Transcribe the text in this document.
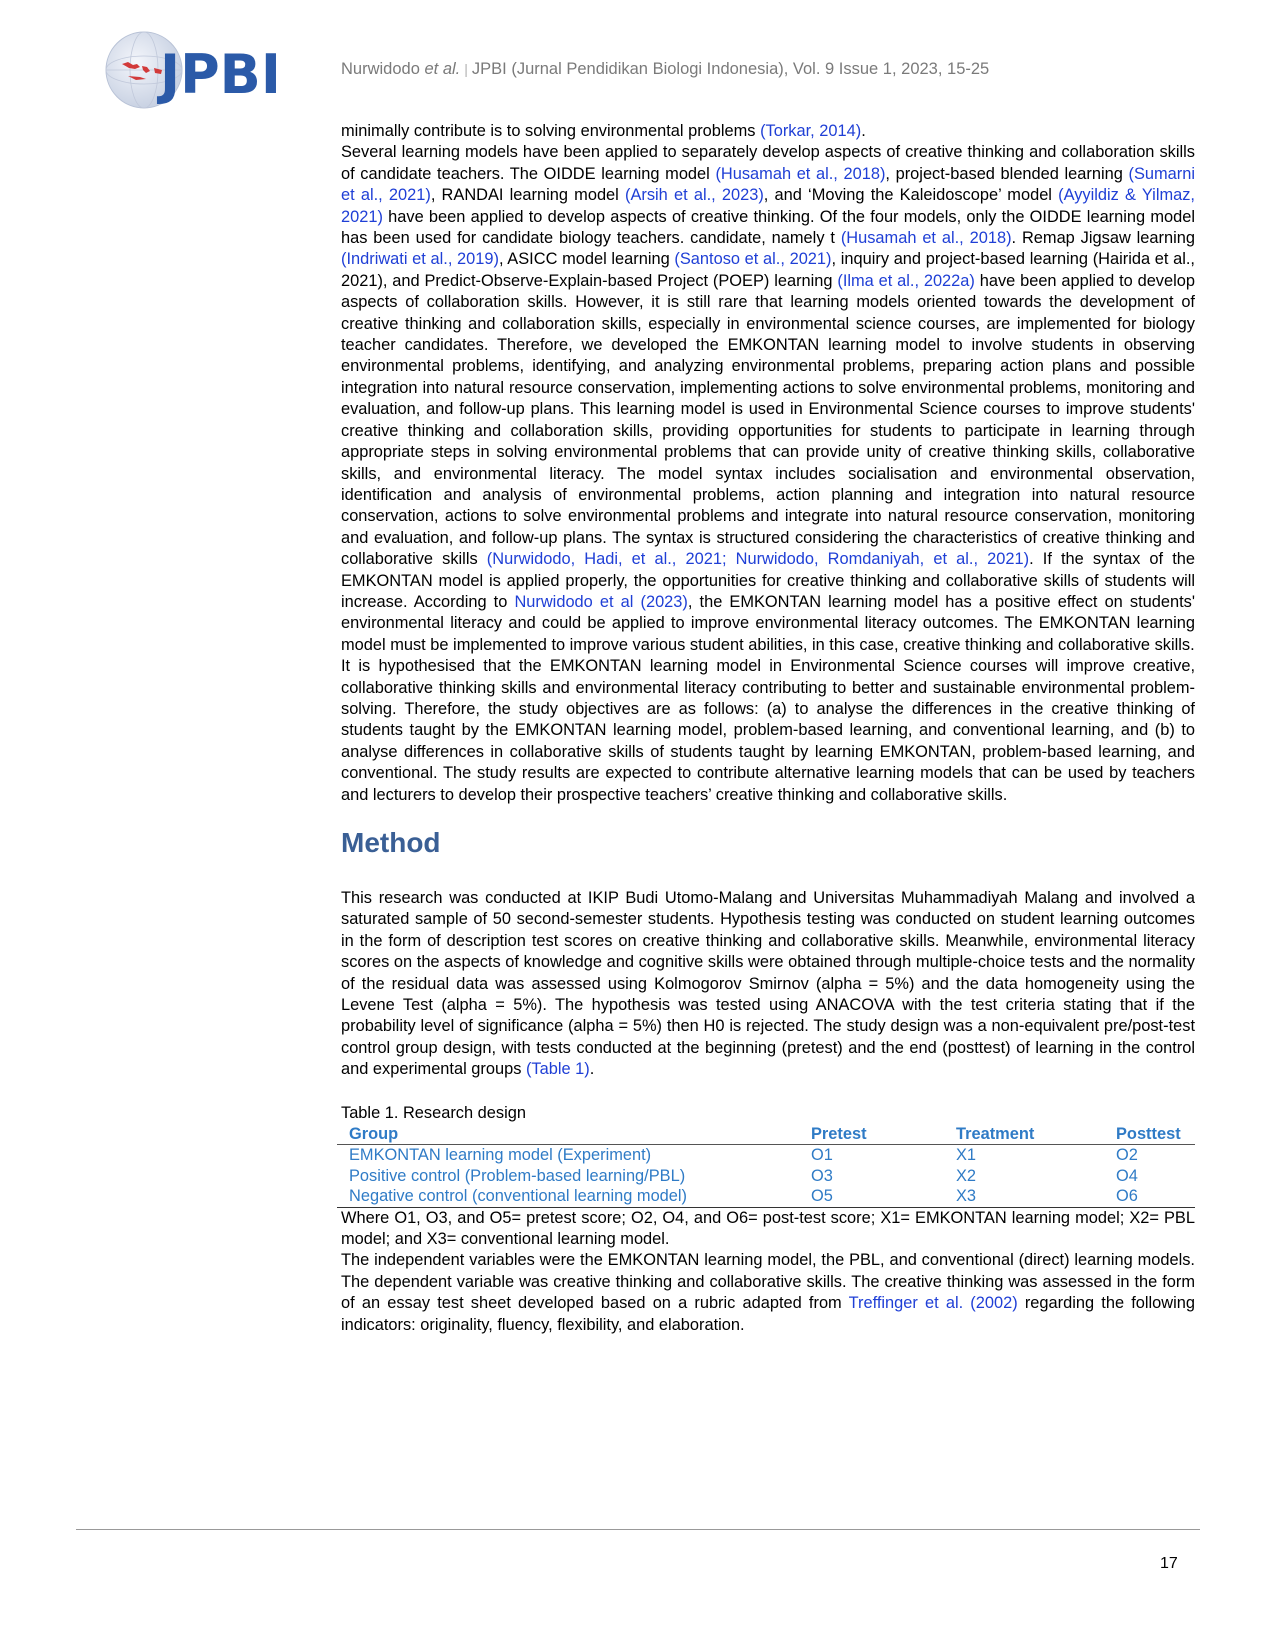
JPBI	Nurwidodo et al. | JPBI (Jurnal Pendidikan Biologi Indonesia), Vol. 9 Issue 1, 2023, 15-25

minimally contribute is to solving environmental problems (Torkar, 2014).

Several learning models have been applied to separately develop aspects of creative thinking and collaboration skills of candidate teachers. The OIDDE learning model (Husamah et al., 2018), project-based blended learning (Sumarni et al., 2021), RANDAI learning model (Arsih et al., 2023), and ‘Moving the Kaleidoscope’ model (Ayyildiz & Yilmaz, 2021) have been applied to develop aspects of creative thinking. Of the four models, only the OIDDE learning model has been used for candidate biology teachers. candidate, namely t (Husamah et al., 2018). Remap Jigsaw learning (Indriwati et al., 2019), ASICC model learning (Santoso et al., 2021), inquiry and project-based learning (Hairida et al., 2021), and Predict-Observe-Explain-based Project (POEP) learning (Ilma et al., 2022a) have been applied to develop aspects of collaboration skills. However, it is still rare that learning models oriented towards the development of creative thinking and collaboration skills, especially in environmental science courses, are implemented for biology teacher candidates. Therefore, we developed the EMKONTAN learning model to involve students in observing environmental problems, identifying, and analyzing environmental problems, preparing action plans and possible integration into natural resource conservation, implementing actions to solve environmental problems, monitoring and evaluation, and follow-up plans. This learning model is used in Environmental Science courses to improve students' creative thinking and collaboration skills, providing opportunities for students to participate in learning through appropriate steps in solving environmental problems that can provide unity of creative thinking skills, collaborative skills, and environmental literacy. The model syntax includes socialisation and environmental observation, identification and analysis of environmental problems, action planning and integration into natural resource conservation, actions to solve environmental problems and integrate into natural resource conservation, monitoring and evaluation, and follow-up plans. The syntax is structured considering the characteristics of creative thinking and collaborative skills (Nurwidodo, Hadi, et al., 2021; Nurwidodo, Romdaniyah, et al., 2021). If the syntax of the EMKONTAN model is applied properly, the opportunities for creative thinking and collaborative skills of students will increase. According to Nurwidodo et al (2023), the EMKONTAN learning model has a positive effect on students' environmental literacy and could be applied to improve environmental literacy outcomes. The EMKONTAN learning model must be implemented to improve various student abilities, in this case, creative thinking and collaborative skills.

It is hypothesised that the EMKONTAN learning model in Environmental Science courses will improve creative, collaborative thinking skills and environmental literacy contributing to better and sustainable environmental problem-solving. Therefore, the study objectives are as follows: (a) to analyse the differences in the creative thinking of students taught by the EMKONTAN learning model, problem-based learning, and conventional learning, and (b) to analyse differences in collaborative skills of students taught by learning EMKONTAN, problem-based learning, and conventional. The study results are expected to contribute alternative learning models that can be used by teachers and lecturers to develop their prospective teachers’ creative thinking and collaborative skills.

Method

This research was conducted at IKIP Budi Utomo-Malang and Universitas Muhammadiyah Malang and involved a saturated sample of 50 second-semester students. Hypothesis testing was conducted on student learning outcomes in the form of description test scores on creative thinking and collaborative skills. Meanwhile, environmental literacy scores on the aspects of knowledge and cognitive skills were obtained through multiple-choice tests and the normality of the residual data was assessed using Kolmogorov Smirnov (alpha = 5%) and the data homogeneity using the Levene Test (alpha = 5%). The hypothesis was tested using ANACOVA with the test criteria stating that if the probability level of significance (alpha = 5%) then H0 is rejected. The study design was a non-equivalent pre/post-test control group design, with tests conducted at the beginning (pretest) and the end (posttest) of learning in the control and experimental groups (Table 1).

Table 1. Research design
Group	Pretest	Treatment	Posttest
EMKONTAN learning model (Experiment)	O1	X1	O2
Positive control (Problem-based learning/PBL)	O3	X2	O4
Negative control (conventional learning model)	O5	X3	O6

Where O1, O3, and O5= pretest score; O2, O4, and O6= post-test score; X1= EMKONTAN learning model; X2= PBL model; and X3= conventional learning model.

The independent variables were the EMKONTAN learning model, the PBL, and conventional (direct) learning models. The dependent variable was creative thinking and collaborative skills. The creative thinking was assessed in the form of an essay test sheet developed based on a rubric adapted from Treffinger et al. (2002) regarding the following indicators: originality, fluency, flexibility, and elaboration.

17
